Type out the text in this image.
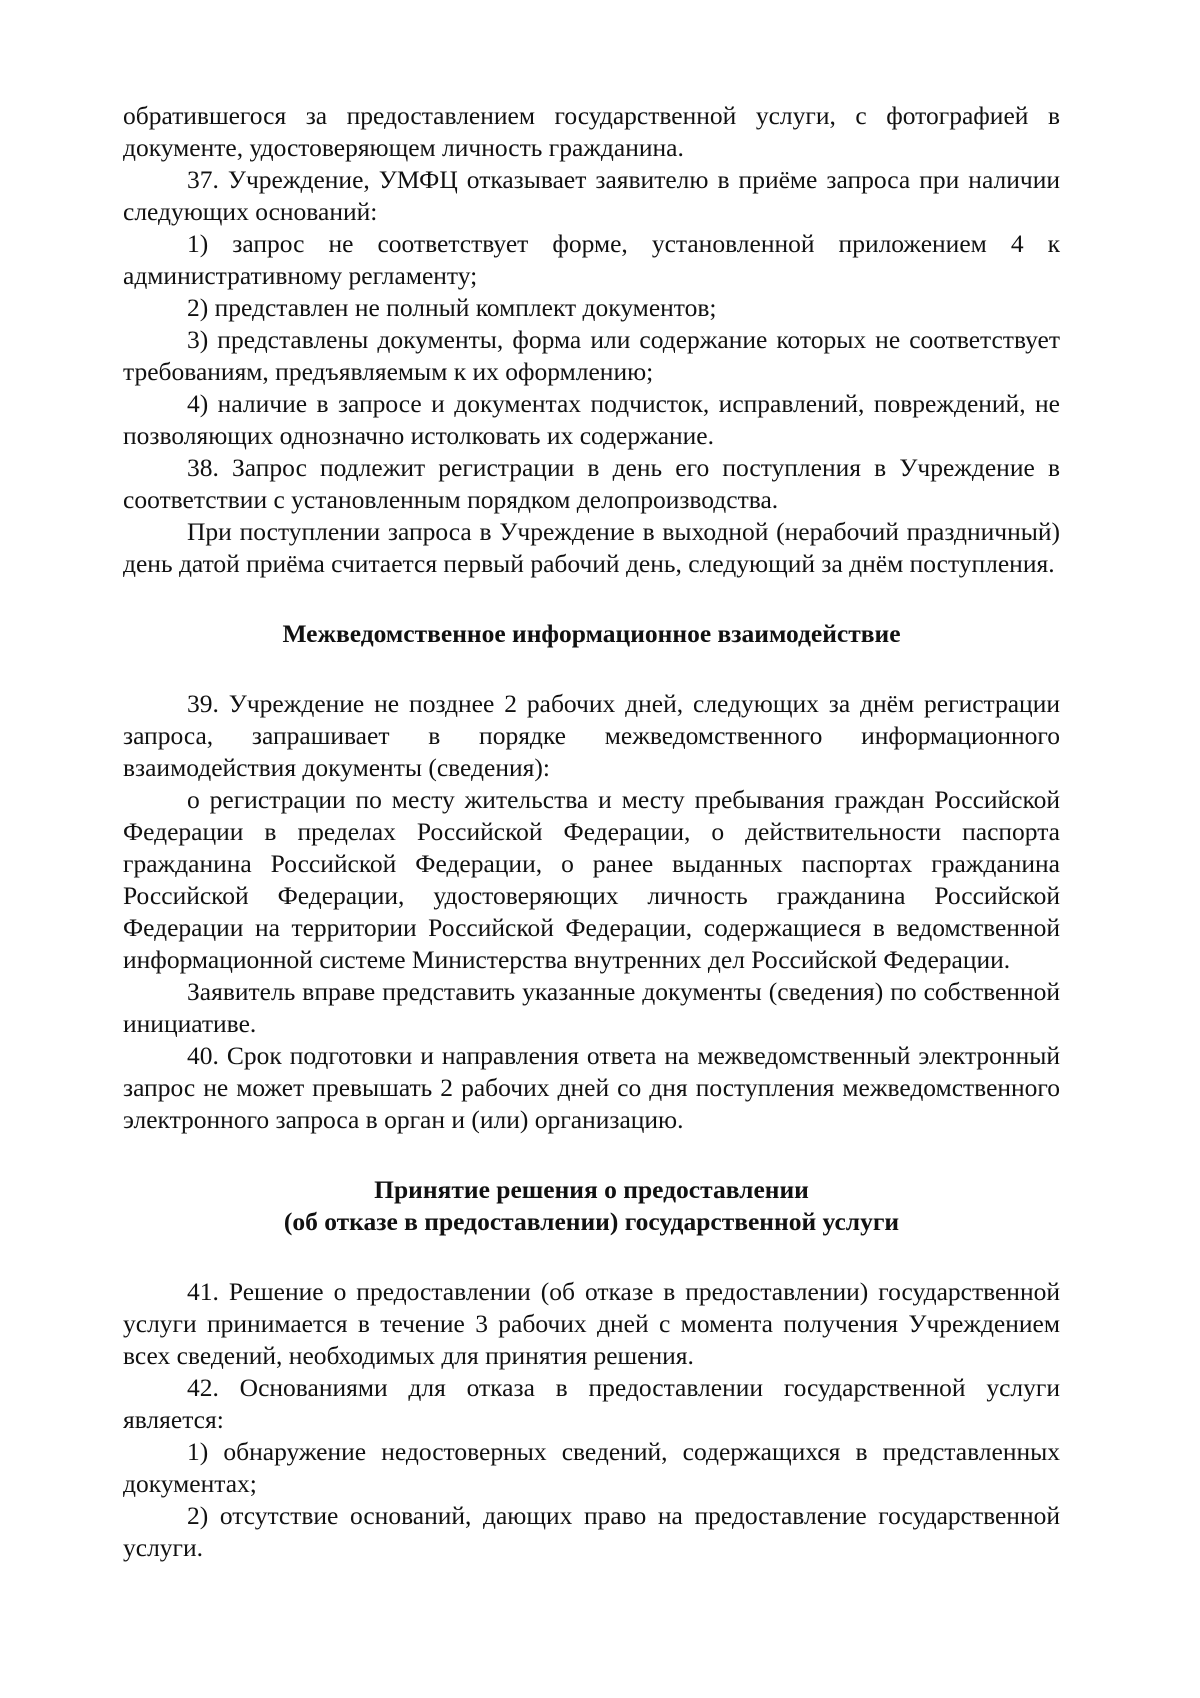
обратившегося за предоставлением государственной услуги, с фотографией в документе, удостоверяющем личность гражданина.

37. Учреждение, УМФЦ отказывает заявителю в приёме запроса при наличии следующих оснований:

1) запрос не соответствует форме, установленной приложением 4 к административному регламенту;

2) представлен не полный комплект документов;

3) представлены документы, форма или содержание которых не соответствует требованиям, предъявляемым к их оформлению;

4) наличие в запросе и документах подчисток, исправлений, повреждений, не позволяющих однозначно истолковать их содержание.

38. Запрос подлежит регистрации в день его поступления в Учреждение в соответствии с установленным порядком делопроизводства.

При поступлении запроса в Учреждение в выходной (нерабочий праздничный) день датой приёма считается первый рабочий день, следующий за днём поступления.

Межведомственное информационное взаимодействие

39. Учреждение не позднее 2 рабочих дней, следующих за днём регистрации запроса, запрашивает в порядке межведомственного информационного взаимодействия документы (сведения):

о регистрации по месту жительства и месту пребывания граждан Российской Федерации в пределах Российской Федерации, о действительности паспорта гражданина Российской Федерации, о ранее выданных паспортах гражданина Российской Федерации, удостоверяющих личность гражданина Российской Федерации на территории Российской Федерации, содержащиеся в ведомственной информационной системе Министерства внутренних дел Российской Федерации.

Заявитель вправе представить указанные документы (сведения) по собственной инициативе.

40. Срок подготовки и направления ответа на межведомственный электронный запрос не может превышать 2 рабочих дней со дня поступления межведомственного электронного запроса в орган и (или) организацию.

Принятие решения о предоставлении
(об отказе в предоставлении) государственной услуги

41. Решение о предоставлении (об отказе в предоставлении) государственной услуги принимается в течение 3 рабочих дней с момента получения Учреждением всех сведений, необходимых для принятия решения.

42. Основаниями для отказа в предоставлении государственной услуги является:

1) обнаружение недостоверных сведений, содержащихся в представленных документах;

2) отсутствие оснований, дающих право на предоставление государственной услуги.
